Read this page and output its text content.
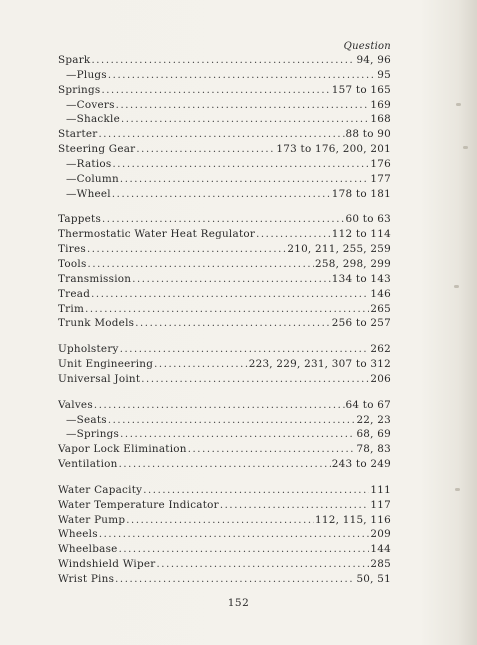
Question
Spark .....	94, 96
—Plugs .....	95
Springs .....	157 to 165
—Covers .....	169
—Shackle .....	168
Starter .....	88 to 90
Steering Gear .....	173 to 176, 200, 201
—Ratios .....	176
—Column .....	177
—Wheel .....	178 to 181
Tappets .....	60 to 63
Thermostatic Water Heat Regulator .....	112 to 114
Tires .....	210, 211, 255, 259
Tools .....	258, 298, 299
Transmission .....	134 to 143
Tread .....	146
Trim .....	265
Trunk Models .....	256 to 257
Upholstery .....	262
Unit Engineering .....	223, 229, 231, 307 to 312
Universal Joint .....	206
Valves .....	64 to 67
—Seats .....	22, 23
—Springs .....	68, 69
Vapor Lock Elimination .....	78, 83
Ventilation .....	243 to 249
Water Capacity .....	111
Water Temperature Indicator .....	117
Water Pump .....	112, 115, 116
Wheels .....	209
Wheelbase .....	144
Windshield Wiper .....	285
Wrist Pins .....	50, 51
152
